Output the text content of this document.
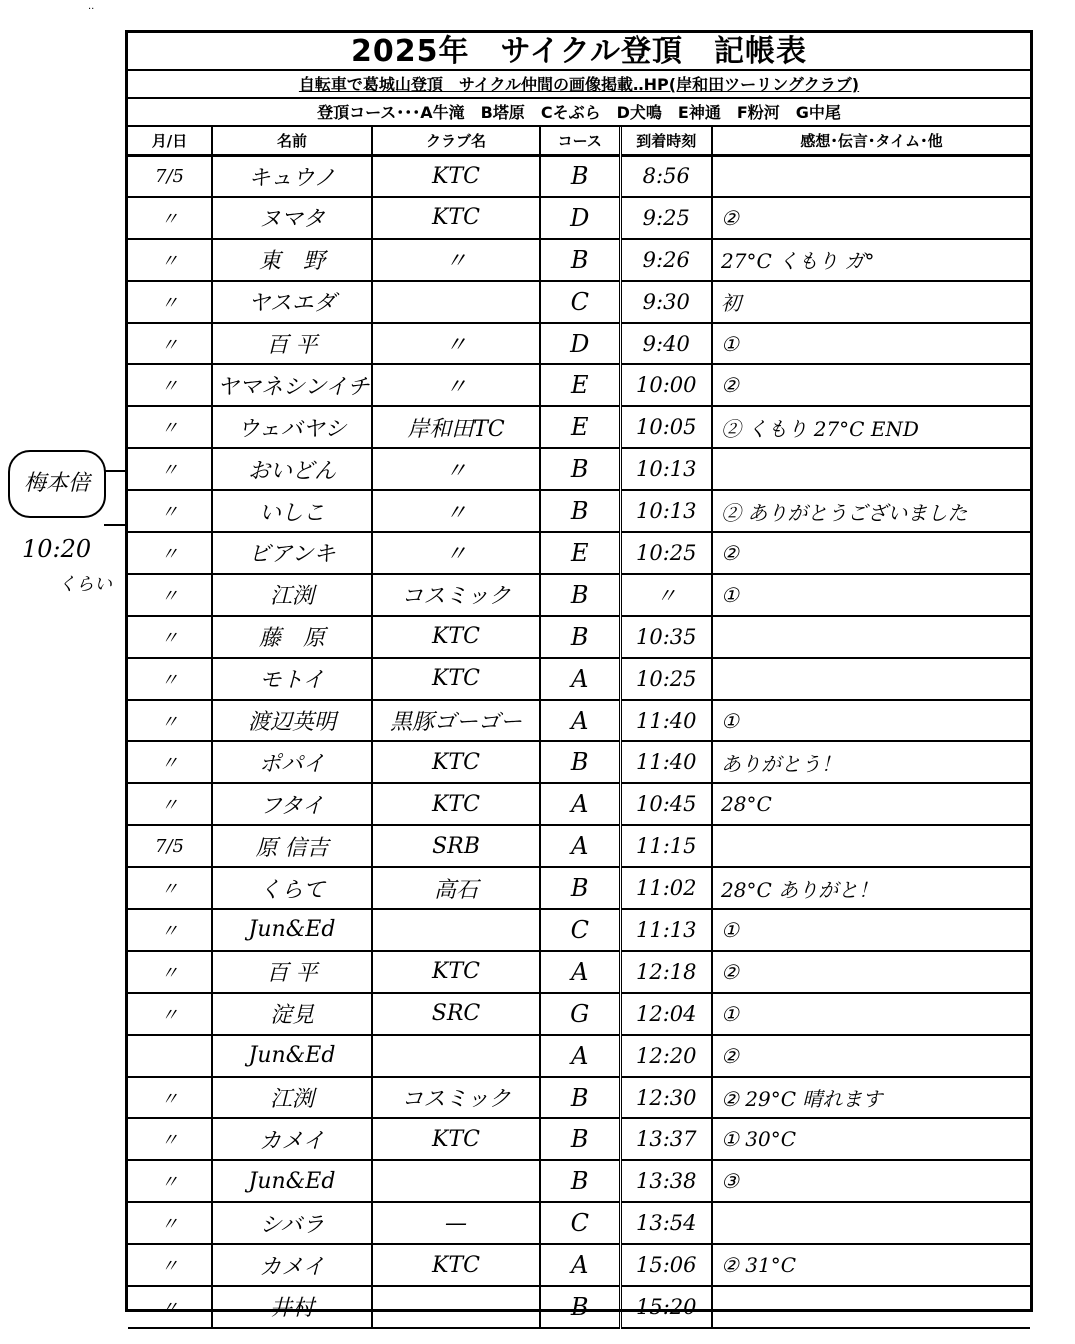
··
梅本倍
10:20
くらい
2025年　サイクル登頂　記帳表
自転車で葛城山登頂　サイクル仲間の画像掲載‥HP(岸和田ツーリングクラブ)
登頂コース･･･A牛滝　B塔原　Cそぶら　D犬鳴　E神通　F粉河　G中尾
月/日	名前	クラブ名	コース	到着時刻	感想･伝言･タイム･他
7/5	キュウノ	KTC	B	8:56	
〃	ヌマタ	KTC	D	9:25	②
〃	東　野	〃	B	9:26	27°C くもり ガ°
〃	ヤスエダ		C	9:30	初
〃	百 平	〃	D	9:40	①
〃	ヤマネシンイチ	〃	E	10:00	②
〃	ウェバヤシ	岸和田TC	E	10:05	② くもり 27°C END
〃	おいどん	〃	B	10:13	
〃	いしこ	〃	B	10:13	② ありがとうございました
〃	ビアンキ	〃	E	10:25	②
〃	江渕	コスミック	B	〃	①
〃	藤　原	KTC	B	10:35	
〃	モトイ	KTC	A	10:25	
〃	渡辺英明	黒豚ゴーゴー	A	11:40	①
〃	ポパイ	KTC	B	11:40	ありがとう！
〃	フタイ	KTC	A	10:45	28°C
7/5	原 信吉	SRB	A	11:15	
〃	くらて	高石	B	11:02	28°C ありがと！
〃	Jun&Ed		C	11:13	①
〃	百 平	KTC	A	12:18	②
〃	淀見	SRC	G	12:04	①
	Jun&Ed		A	12:20	②
〃	江渕	コスミック	B	12:30	② 29°C 晴れます
〃	カメイ	KTC	B	13:37	① 30°C
〃	Jun&Ed		B	13:38	③
〃	シバラ	—	C	13:54	
〃	カメイ	KTC	A	15:06	② 31°C
〃	井村		B	15:20	
